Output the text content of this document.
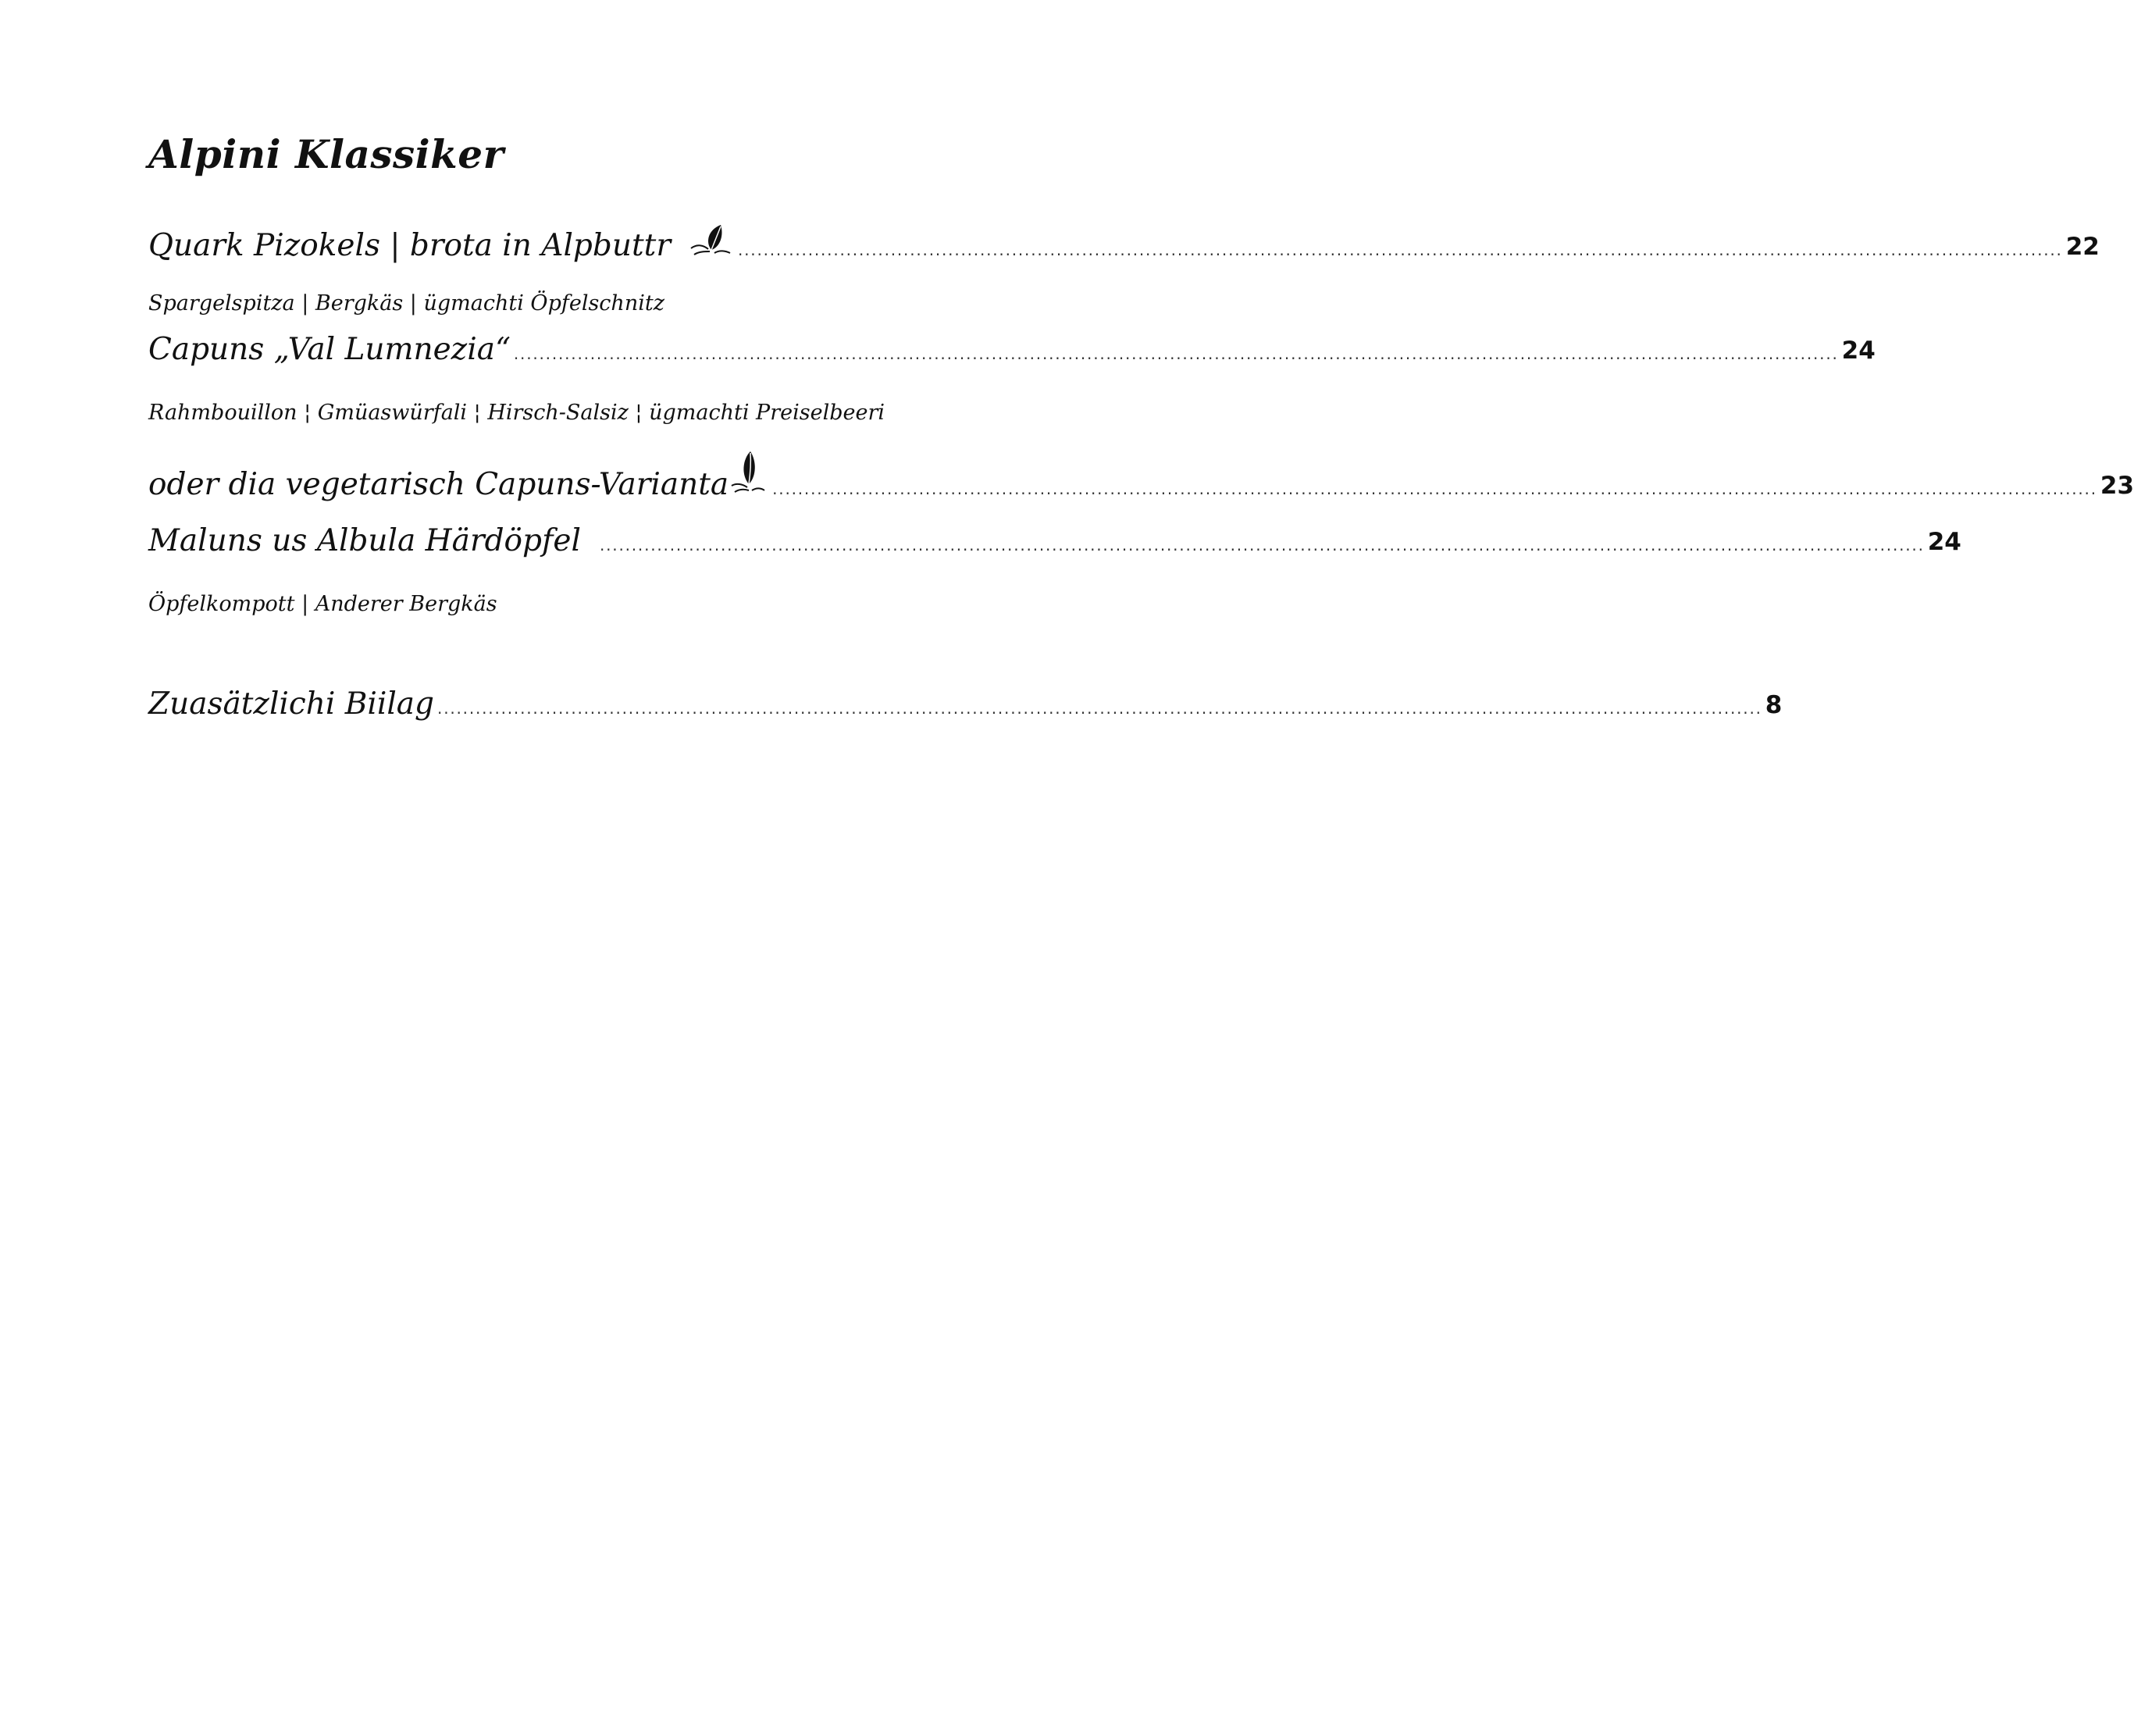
Alpini Klassiker
Quark Pizokels | brota in Alpbuttr	................................................................................................................................................................................................................ 22
Spargelspitza | Bergkäs | ügmachti Öpfelschnitz
Capuns „Val Lumnezia“ ................................................................................................................................................................................................................ 24
Rahmbouillon ¦ Gmüaswürfali ¦ Hirsch-Salsiz ¦ ügmachti Preiselbeeri
oder dia vegetarisch Capuns-Varianta	................................................................................................................................................................................................................ 23
Maluns us Albula Härdöpfel ................................................................................................................................................................................................................ 24
Öpfelkompott | Anderer Bergkäs
Zuasätzlichi Biilag ................................................................................................................................................................................................................ 8
